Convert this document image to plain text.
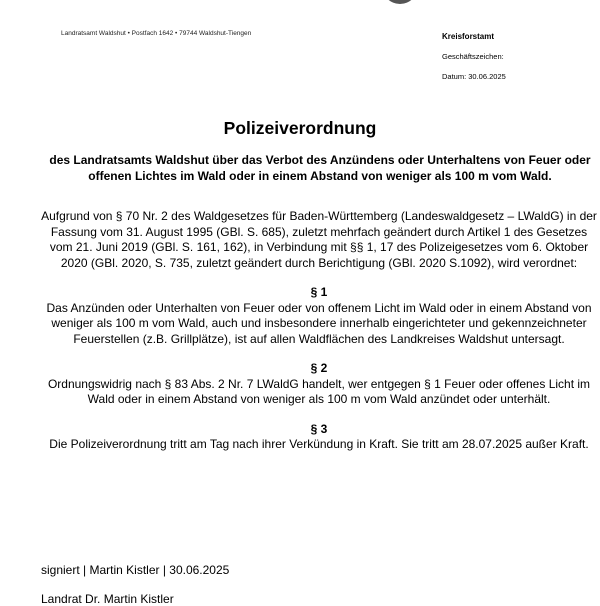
Landratsamt Waldshut • Postfach 1642 • 79744 Waldshut-Tiengen	Kreisforstamt
Geschäftszeichen:
Datum: 30.06.2025
Polizeiverordnung

des Landratsamts Waldshut über das Verbot des Anzündens oder Unterhaltens von Feuer oder offenen Lichtes im Wald oder in einem Abstand von weniger als 100 m vom Wald.

Aufgrund von § 70 Nr. 2 des Waldgesetzes für Baden-Württemberg (Landeswaldgesetz – LWaldG) in der Fassung vom 31. August 1995 (GBl. S. 685), zuletzt mehrfach geändert durch Artikel 1 des Gesetzes vom 21. Juni 2019 (GBl. S. 161, 162), in Verbindung mit §§ 1, 17 des Polizeigesetzes vom 6. Oktober 2020 (GBl. 2020, S. 735, zuletzt geändert durch Berichtigung (GBl. 2020 S.1092), wird verordnet:

§ 1

Das Anzünden oder Unterhalten von Feuer oder von offenem Licht im Wald oder in einem Abstand von weniger als 100 m vom Wald, auch und insbesondere innerhalb eingerichteter und gekennzeichneter Feuerstellen (z.B. Grillplätze), ist auf allen Waldflächen des Landkreises Waldshut untersagt.

§ 2

Ordnungswidrig nach § 83 Abs. 2 Nr. 7 LWaldG handelt, wer entgegen § 1 Feuer oder offenes Licht im Wald oder in einem Abstand von weniger als 100 m vom Wald anzündet oder unterhält.

§ 3

Die Polizeiverordnung tritt am Tag nach ihrer Verkündung in Kraft. Sie tritt am 28.07.2025 außer Kraft.

signiert | Martin Kistler | 30.06.2025
Landrat Dr. Martin Kistler
